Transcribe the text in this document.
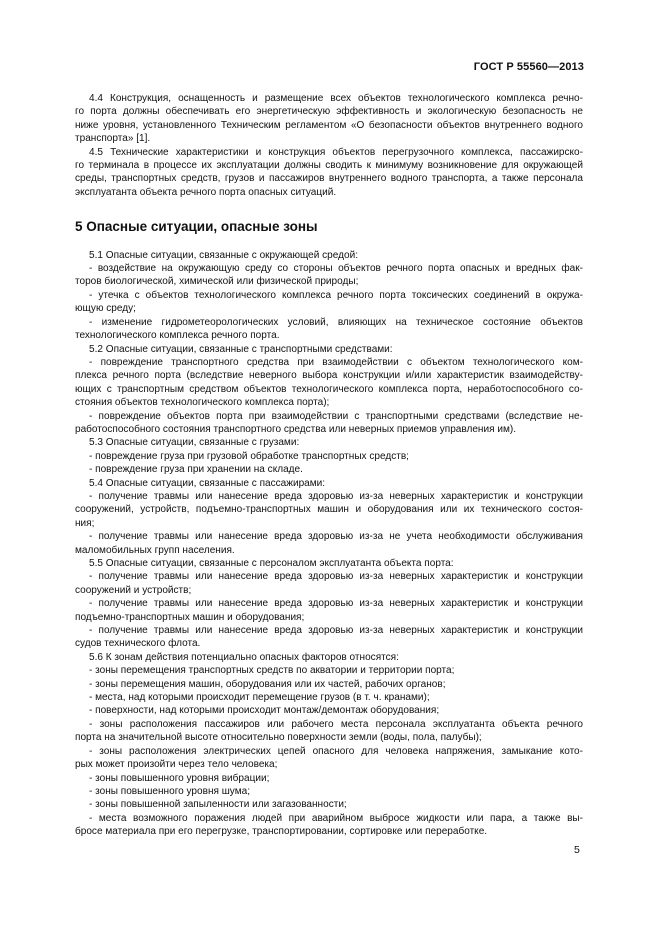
ГОСТ Р 55560—2013
4.4 Конструкция, оснащенность и размещение всех объектов технологического комплекса речно-
го порта должны обеспечивать его энергетическую эффективность и экологическую безопасность не
ниже уровня, установленного Техническим регламентом «О безопасности объектов внутреннего водного
транспорта» [1].
4.5 Технические характеристики и конструкция объектов перегрузочного комплекса, пассажирско-
го терминала в процессе их эксплуатации должны сводить к минимуму возникновение для окружающей
среды, транспортных средств, грузов и пассажиров внутреннего водного транспорта, а также персонала
эксплуатанта объекта речного порта опасных ситуаций.
5 Опасные ситуации, опасные зоны
5.1 Опасные ситуации, связанные с окружающей средой:
- воздействие на окружающую среду со стороны объектов речного порта опасных и вредных фак-
торов биологической, химической или физической природы;
- утечка с объектов технологического комплекса речного порта токсических соединений в окружа-
ющую среду;
- изменение гидрометеорологических условий, влияющих на техническое состояние объектов
технологического комплекса речного порта.
5.2 Опасные ситуации, связанные с транспортными средствами:
- повреждение транспортного средства при взаимодействии с объектом технологического ком-
плекса речного порта (вследствие неверного выбора конструкции и/или характеристик взаимодейству-
ющих с транспортным средством объектов технологического комплекса порта, неработоспособного со-
стояния объектов технологического комплекса порта);
- повреждение объектов порта при взаимодействии с транспортными средствами (вследствие не-
работоспособного состояния транспортного средства или неверных приемов управления им).
5.3 Опасные ситуации, связанные с грузами:
- повреждение груза при грузовой обработке транспортных средств;
- повреждение груза при хранении на складе.
5.4 Опасные ситуации, связанные с пассажирами:
- получение травмы или нанесение вреда здоровью из-за неверных характеристик и конструкции
сооружений, устройств, подъемно-транспортных машин и оборудования или их технического состоя-
ния;
- получение травмы или нанесение вреда здоровью из-за не учета необходимости обслуживания
маломобильных групп населения.
5.5 Опасные ситуации, связанные с персоналом эксплуатанта объекта порта:
- получение травмы или нанесение вреда здоровью из-за неверных характеристик и конструкции
сооружений и устройств;
- получение травмы или нанесение вреда здоровью из-за неверных характеристик и конструкции
подъемно-транспортных машин и оборудования;
- получение травмы или нанесение вреда здоровью из-за неверных характеристик и конструкции
судов технического флота.
5.6 К зонам действия потенциально опасных факторов относятся:
- зоны перемещения транспортных средств по акватории и территории порта;
- зоны перемещения машин, оборудования или их частей, рабочих органов;
- места, над которыми происходит перемещение грузов (в т. ч. кранами);
- поверхности, над которыми происходит монтаж/демонтаж оборудования;
- зоны расположения пассажиров или рабочего места персонала эксплуатанта объекта речного
порта на значительной высоте относительно поверхности земли (воды, пола, палубы);
- зоны расположения электрических цепей опасного для человека напряжения, замыкание кото-
рых может произойти через тело человека;
- зоны повышенного уровня вибрации;
- зоны повышенного уровня шума;
- зоны повышенной запыленности или загазованности;
- места возможного поражения людей при аварийном выбросе жидкости или пара, а также вы-
бросе материала при его перегрузке, транспортировании, сортировке или переработке.
5
